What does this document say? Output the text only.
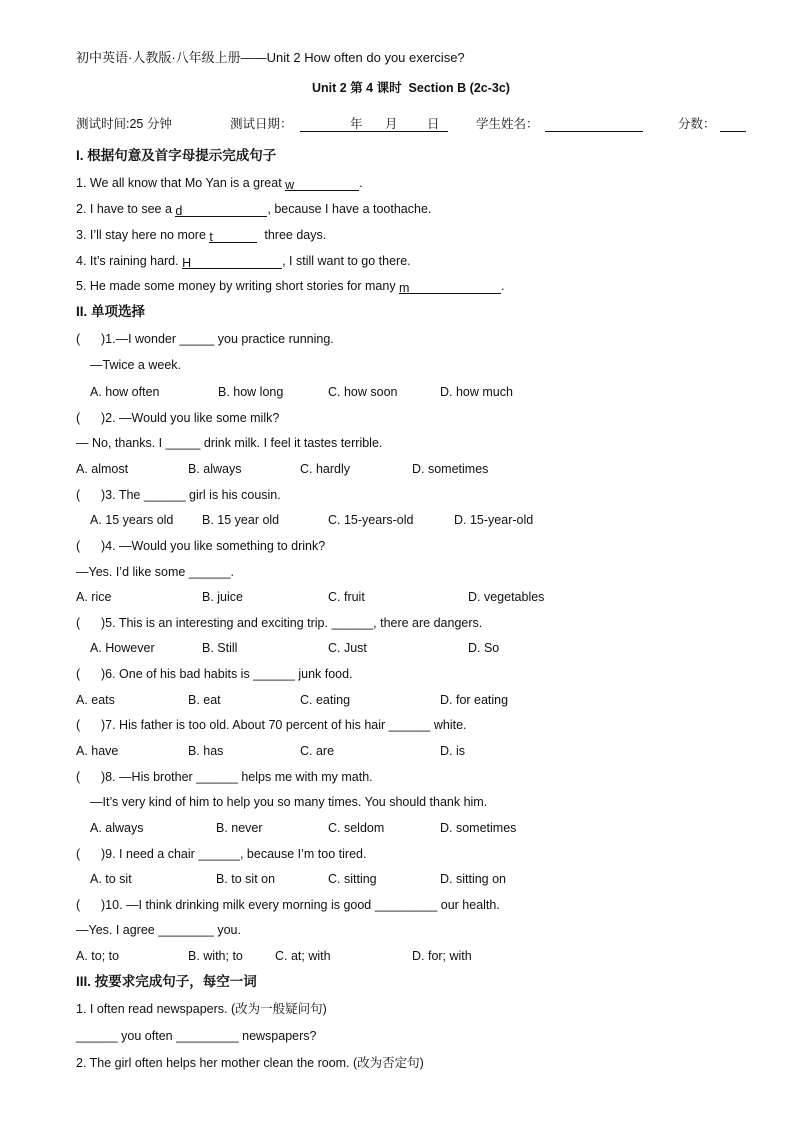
初中英语·人教版·八年级上册——Unit 2 How often do you exercise?
Unit 2 第 4 课时  Section B (2c-3c)
测试时间:25 分钟	测试日期：	年 月 日	学生姓名：	分数：
I. 根据句意及首字母提示完成句子
1. We all know that Mo Yan is a great w	.
2. I have to see a d	, because I have a toothache.
3. I’ll stay here no more t	three days.
4. It’s raining hard. H	, I still want to go there.
5. He made some money by writing short stories for many m	.
II. 单项选择
(      )1.—I wonder _____ you practice running.
—Twice a week.
A. how often	B. how long	C. how soon	D. how much
(      )2. —Would you like some milk?
— No, thanks. I _____ drink milk. I feel it tastes terrible.
A. almost	B. always	C. hardly	D. sometimes
(      )3. The ______ girl is his cousin.
A. 15 years old B. 15 year old	C. 15-years-old	D. 15-year-old
(      )4. —Would you like something to drink?
—Yes. I’d like some ______.
A. rice	B. juice	C. fruit	D. vegetables
(      )5. This is an interesting and exciting trip. ______, there are dangers.
A. However	B. Still	C. Just	D. So
(      )6. One of his bad habits is ______ junk food.
A. eats	B. eat	C. eating	D. for eating
(      )7. His father is too old. About 70 percent of his hair ______ white.
A. have	B. has	C. are	D. is
(      )8. —His brother ______ helps me with my math.
—It’s very kind of him to help you so many times. You should thank him.
A. always	B. never	C. seldom	D. sometimes
(      )9. I need a chair ______, because I’m too tired.
A. to sit	B. to sit on	C. sitting	D. sitting on
(      )10. —I think drinking milk every morning is good _________ our health.
—Yes. I agree ________ you.
A. to; to	B. with; to	C. at; with	D. for; with
III. 按要求完成句子，每空一词
1. I often read newspapers. (改为一般疑问句)
______ you often _________ newspapers?
2. The girl often helps her mother clean the room. (改为否定句)
